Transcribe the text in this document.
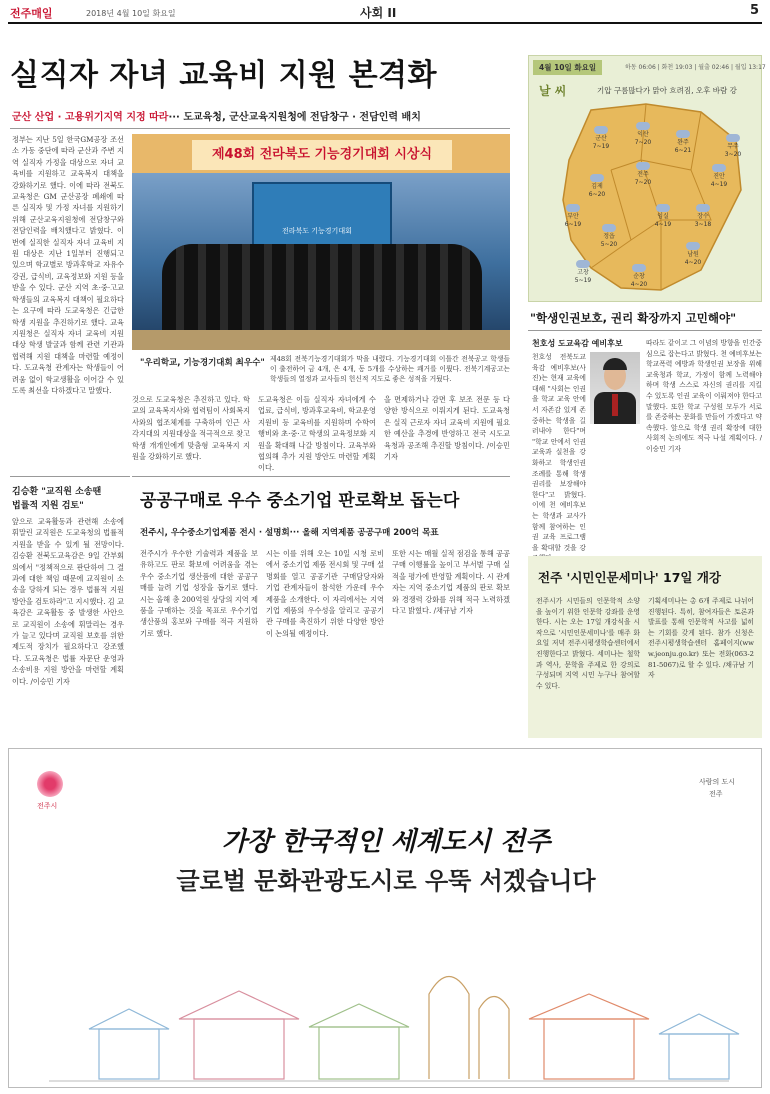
전주매일	2018년 4월 10일 화요일	사회 II	5
실직자 자녀 교육비 지원 본격화
군산 산업 · 고용위기지역 지정 따라··· 도교육청, 군산교육지원청에 전담창구 · 전담인력 배치
정부는 지난 5일 한국GM공장 조선소 가동 중단에 따라 군산과 주변 지역 실직자 가정을 대상으로 자녀 교육비를 지원하고 교육복지 대책을 강화하기로 했다. 이에 따라 전북도교육청은 GM 군산공장 폐쇄에 따른 실직자 및 가정 자녀를 지원하기 위해 군산교육지원청에 전담창구와 전담인력을 배치했다고 밝혔다. 이번에 실직한 실직자 자녀 교육비 지원 대상은 지난 1일부터 진행되고 있으며 학교별로 방과후학교 자유수강권, 급식비, 교육정보화 지원 등을 받을 수 있다. 군산 지역 초·중·고교 학생들의 교육복지 대책이 필요하다는 요구에 따라 도교육청은 긴급한 학생 지원을 추진하기로 했다. 교육지원청은 실직자 자녀 교육비 지원 대상 학생 발굴과 함께 관련 기관과 협력해 지원 대책을 마련할 예정이다. 도교육청 관계자는 학생들이 어려움 없이 학교생활을 이어갈 수 있도록 최선을 다하겠다고 말했다.
제48회 전라북도 기능경기대회 시상식
전라북도 기능경기대회
"우리학교, 기능경기대회 최우수" 제48회 전북기능경기대회가 막을 내렸다. 기능경기대회 이틀간 전북공고 학생들이 출전하여 금 4개, 은 4개, 동 5개를 수상하는 쾌거를 이뤘다. 전북기계공고는 학생들의 열정과 교사들의 헌신적 지도로 좋은 성적을 거뒀다.
것으로 도교육청은 추진하고 있다. 학교의 교육복지사와 협력팀이 사회복지사와의 협조체계를 구축하여 인근 사각지대의 지원대상을 적극적으로 찾고 학생 개개인에게 맞춤형 교육복지 지원을 강화하기로 했다.
도교육청은 이들 실직자 자녀에게 수업료, 급식비, 방과후교육비, 학교운영지원비 등 교육비를 지원하며 수학여행비와 초·중·고 학생의 교육정보화 지원을 확대해 나갈 방침이다. 교육부와 협의해 추가 지원 방안도 마련할 계획이다.
을 면제하거나 감면 후 보조 전문 등 다양한 방식으로 이뤄지게 된다. 도교육청은 실직 근로자 자녀 교육비 지원에 필요한 예산을 추경에 반영하고 전국 시도교육청과 공조해 추진할 방침이다. /이승민 기자
4월 10일 화요일	하동 06:06 | 화천 19:03 | 월출 02:46 | 월입 13:17
날 씨	기압 구름많다가 맑아 흐려짐, 오후 바람 강
군산
7~19
익산
7~20	완주
6~21
진안
4~19
무주
3~20
김제
6~20
전주
7~20
장수
3~18
부안
6~19
정읍
5~20
임실
4~19
남원
4~20
고창
5~19	순창
4~20
"학생인권보호, 권리 확장까지 고민해야"
천호성 도교육감 예비후보
천호성 전북도교육감 예비후보(사진)는 현재 교육에 대해 "사회는 인권을 학교 교육 안에서 자존감 있게 존중하는 학생을 길러내야 한다"며 "학교 안에서 인권 교육과 실천을 강화하고 학생인권조례를 통해 학생 권리를 보장해야 한다"고 밝혔다. 이에 천 예비후보는 학생과 교사가 함께 참여하는 인권 교육 프로그램을 확대할 것을 강
따라도 같이고 그 이념의 방향을 인간중심으로 잡는다고 밝혔다. 천 예비후보는 학교폭력 예방과 학생인권 보장을 위해 교육청과 학교, 가정이 함께 노력해야 하며 학생 스스로 자신의 권리를 지킬 수 있도록 인권 교육이 이뤄져야 한다고 말했다. 또한 학교 구성원 모두가 서로를 존중하는 문화를 만들어 가겠다고 약속했다. 앞으로 학생 권리 확장에 대한 사회적 논의에도 적극 나설 계획이다. /이승민 기자
김승환 "교직원 소송땐
법률적 지원 검토"
앞으로 교육활동과 관련해 소송에 휘말린 교직원은 도교육청의 법률적 지원을 받을 수 있게 될 전망이다. 김승환 전북도교육감은 9일 간부회의에서 "정책적으로 판단하여 그 결과에 대한 책임 때문에 교직원이 소송을 당하게 되는 경우 법률적 지원 방안을 검토하라"고 지시했다. 김 교육감은 교육활동 중 발생한 사안으로 교직원이 소송에 휘말리는 경우가 늘고 있다며 교직원 보호를 위한 제도적 장치가 필요하다고 강조했다. 도교육청은 법률 자문단 운영과 소송비용 지원 방안을 마련할 계획이다. /이승민 기자
공공구매로 우수 중소기업 판로확보 돕는다
전주시, 우수중소기업제품 전시 · 설명회··· 올해 지역제품 공공구매 200억 목표
전주시가 우수한 기술력과 제품을 보유하고도 판로 확보에 어려움을 겪는 우수 중소기업 생산품에 대한 공공구매를 늘려 기업 성장을 돕기로 했다. 시는 올해 총 200억원 상당의 지역 제품을 구매하는 것을 목표로 우수기업 생산품의 홍보와 구매를 적극 지원하기로 했다.
시는 이를 위해 오는 10일 시청 로비에서 중소기업 제품 전시회 및 구매 설명회를 열고 공공기관 구매담당자와 기업 관계자들이 참석한 가운데 우수 제품을 소개한다. 이 자리에서는 지역 기업 제품의 우수성을 알리고 공공기관 구매를 촉진하기 위한 다양한 방안이 논의될 예정이다.
또한 시는 매월 실적 점검을 통해 공공구매 이행률을 높이고 부서별 구매 실적을 평가에 반영할 계획이다. 시 관계자는 지역 중소기업 제품의 판로 확보와 경쟁력 강화를 위해 적극 노력하겠다고 밝혔다. /채규남 기자
전주 '시민인문세미나' 17일 개강
전주시가 시민들의 인문학적 소양을 높이기 위한 인문학 강좌를 운영한다. 시는 오는 17일 개강식을 시작으로 '시민인문세미나'를 매주 화요일 저녁 전주시평생학습센터에서 진행한다고 밝혔다. 세미나는 철학과 역사, 문학을 주제로 한 강의로 구성되며 지역 시민 누구나 참여할 수 있다.
기획세미나는 총 6개 주제로 나뉘어 진행된다. 특히, 참여자들은 토론과 발표를 통해 인문학적 사고를 넓히는 기회를 갖게 된다. 참가 신청은 전주시평생학습센터 홈페이지(www.jeonju.go.kr) 또는 전화(063-281-5067)로 할 수 있다. /채규남 기자
전주시
사람의 도시
전주
가장 한국적인 세계도시 전주
글로벌 문화관광도시로 우뚝 서겠습니다
